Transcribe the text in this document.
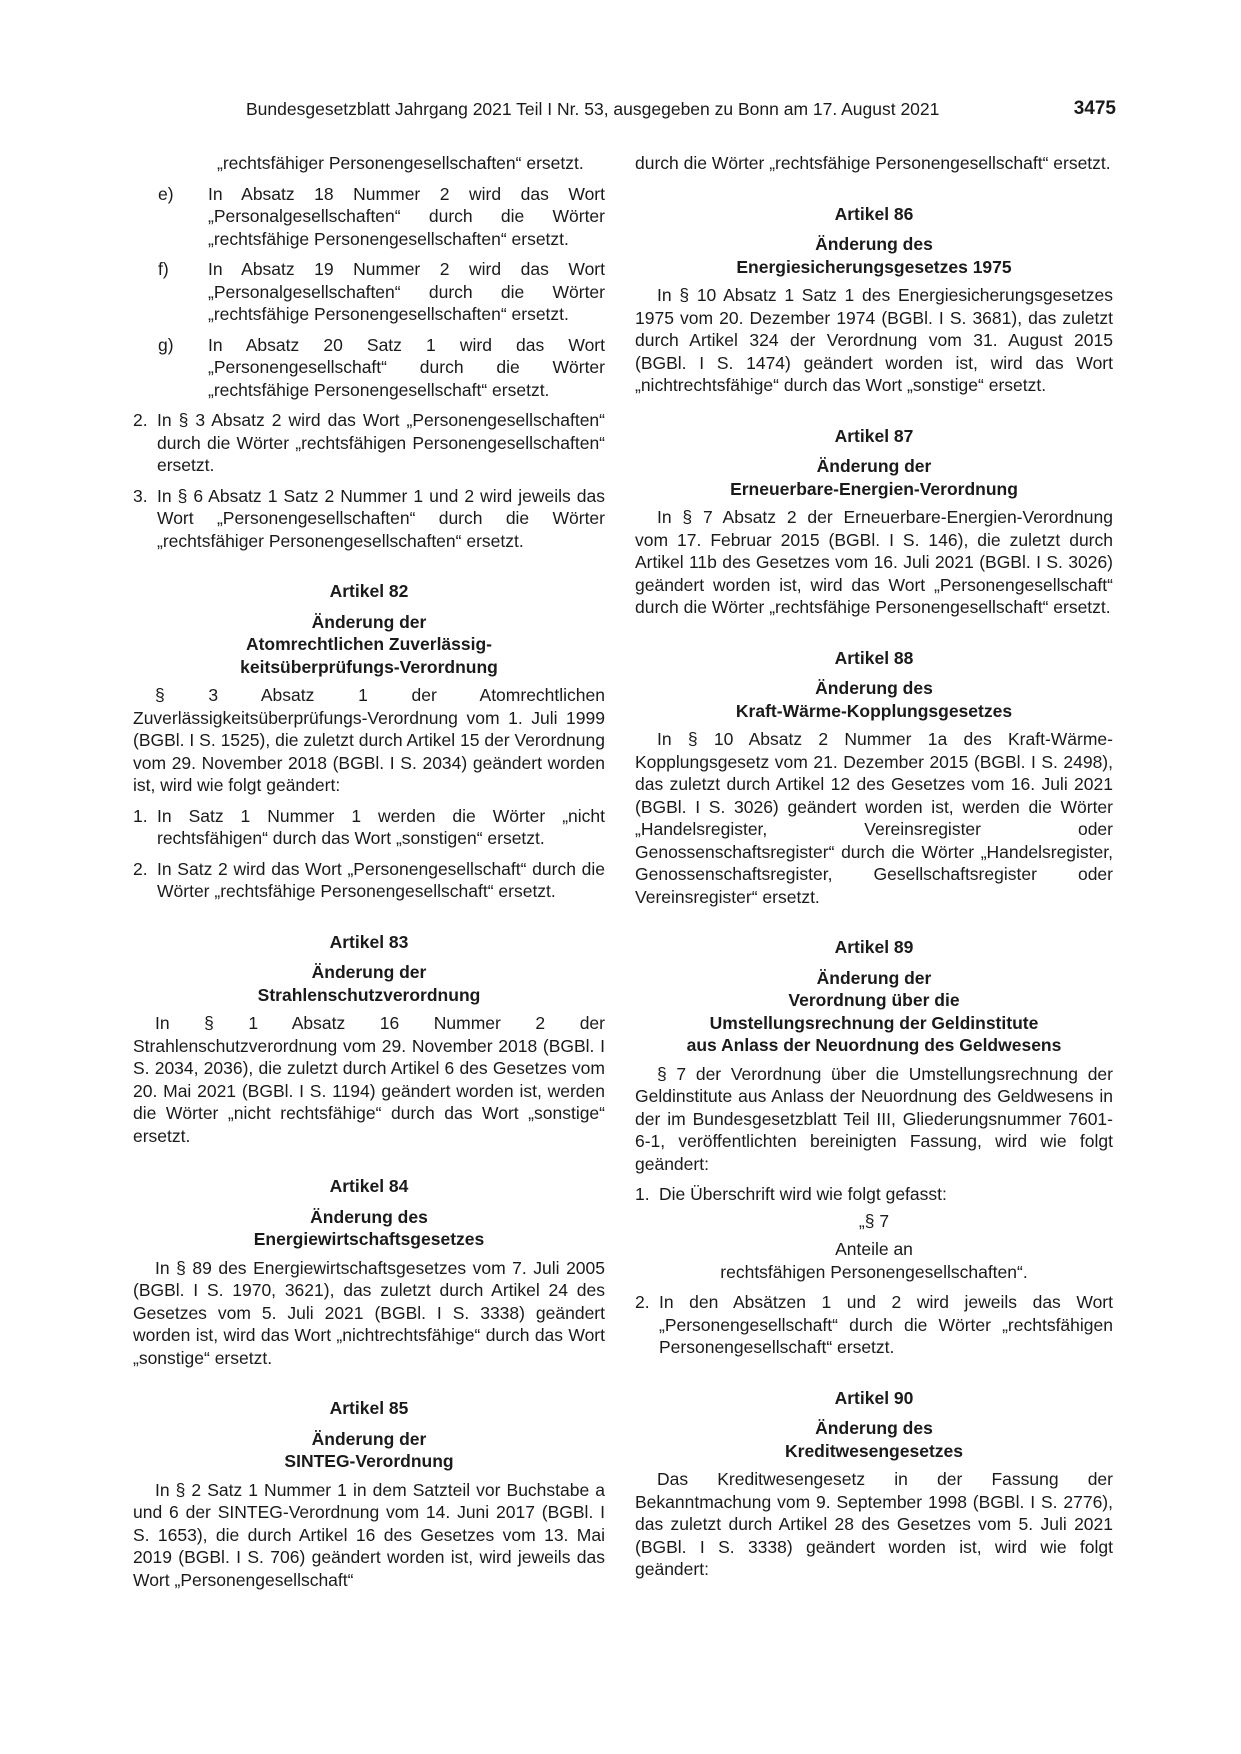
Bundesgesetzblatt Jahrgang 2021 Teil I Nr. 53, ausgegeben zu Bonn am 17. August 2021	3475

„rechtsfähiger Personengesellschaften“ ersetzt.

e) In Absatz 18 Nummer 2 wird das Wort „Personalgesellschaften“ durch die Wörter „rechtsfähige Personengesellschaften“ ersetzt.
f) In Absatz 19 Nummer 2 wird das Wort „Personalgesellschaften“ durch die Wörter „rechtsfähige Personengesellschaften“ ersetzt.
g) In Absatz 20 Satz 1 wird das Wort „Personengesellschaft“ durch die Wörter „rechtsfähige Personengesellschaft“ ersetzt.
2. In § 3 Absatz 2 wird das Wort „Personengesellschaften“ durch die Wörter „rechtsfähigen Personengesellschaften“ ersetzt.
3. In § 6 Absatz 1 Satz 2 Nummer 1 und 2 wird jeweils das Wort „Personengesellschaften“ durch die Wörter „rechtsfähiger Personengesellschaften“ ersetzt.
Artikel 82
Änderung der
Atomrechtlichen Zuverlässig-
keitsüberprüfungs-Verordnung

§ 3 Absatz 1 der Atomrechtlichen Zuverlässigkeitsüberprüfungs-Verordnung vom 1. Juli 1999 (BGBl. I S. 1525), die zuletzt durch Artikel 15 der Verordnung vom 29. November 2018 (BGBl. I S. 2034) geändert worden ist, wird wie folgt geändert:

1. In Satz 1 Nummer 1 werden die Wörter „nicht rechtsfähigen“ durch das Wort „sonstigen“ ersetzt.
2. In Satz 2 wird das Wort „Personengesellschaft“ durch die Wörter „rechtsfähige Personengesellschaft“ ersetzt.
Artikel 83
Änderung der
Strahlenschutzverordnung

In § 1 Absatz 16 Nummer 2 der Strahlenschutzverordnung vom 29. November 2018 (BGBl. I S. 2034, 2036), die zuletzt durch Artikel 6 des Gesetzes vom 20. Mai 2021 (BGBl. I S. 1194) geändert worden ist, werden die Wörter „nicht rechtsfähige“ durch das Wort „sonstige“ ersetzt.

Artikel 84
Änderung des
Energiewirtschaftsgesetzes

In § 89 des Energiewirtschaftsgesetzes vom 7. Juli 2005 (BGBl. I S. 1970, 3621), das zuletzt durch Artikel 24 des Gesetzes vom 5. Juli 2021 (BGBl. I S. 3338) geändert worden ist, wird das Wort „nichtrechtsfähige“ durch das Wort „sonstige“ ersetzt.

Artikel 85
Änderung der
SINTEG-Verordnung

In § 2 Satz 1 Nummer 1 in dem Satzteil vor Buchstabe a und 6 der SINTEG-Verordnung vom 14. Juni 2017 (BGBl. I S. 1653), die durch Artikel 16 des Gesetzes vom 13. Mai 2019 (BGBl. I S. 706) geändert worden ist, wird jeweils das Wort „Personengesellschaft“

durch die Wörter „rechtsfähige Personengesellschaft“ ersetzt.

Artikel 86
Änderung des
Energiesicherungsgesetzes 1975

In § 10 Absatz 1 Satz 1 des Energiesicherungsgesetzes 1975 vom 20. Dezember 1974 (BGBl. I S. 3681), das zuletzt durch Artikel 324 der Verordnung vom 31. August 2015 (BGBl. I S. 1474) geändert worden ist, wird das Wort „nichtrechtsfähige“ durch das Wort „sonstige“ ersetzt.

Artikel 87
Änderung der
Erneuerbare-Energien-Verordnung

In § 7 Absatz 2 der Erneuerbare-Energien-Verordnung vom 17. Februar 2015 (BGBl. I S. 146), die zuletzt durch Artikel 11b des Gesetzes vom 16. Juli 2021 (BGBl. I S. 3026) geändert worden ist, wird das Wort „Personengesellschaft“ durch die Wörter „rechtsfähige Personengesellschaft“ ersetzt.

Artikel 88
Änderung des
Kraft-Wärme-Kopplungsgesetzes

In § 10 Absatz 2 Nummer 1a des Kraft-Wärme-Kopplungsgesetz vom 21. Dezember 2015 (BGBl. I S. 2498), das zuletzt durch Artikel 12 des Gesetzes vom 16. Juli 2021 (BGBl. I S. 3026) geändert worden ist, werden die Wörter „Handelsregister, Vereinsregister oder Genossenschaftsregister“ durch die Wörter „Handelsregister, Genossenschaftsregister, Gesellschaftsregister oder Vereinsregister“ ersetzt.

Artikel 89
Änderung der
Verordnung über die
Umstellungsrechnung der Geldinstitute
aus Anlass der Neuordnung des Geldwesens

§ 7 der Verordnung über die Umstellungsrechnung der Geldinstitute aus Anlass der Neuordnung des Geldwesens in der im Bundesgesetzblatt Teil III, Gliederungsnummer 7601-6-1, veröffentlichten bereinigten Fassung, wird wie folgt geändert:

1. Die Überschrift wird wie folgt gefasst:
„§ 7
Anteile an
rechtsfähigen Personengesellschaften“.
2. In den Absätzen 1 und 2 wird jeweils das Wort „Personengesellschaft“ durch die Wörter „rechtsfähigen Personengesellschaft“ ersetzt.
Artikel 90
Änderung des
Kreditwesengesetzes

Das Kreditwesengesetz in der Fassung der Bekanntmachung vom 9. September 1998 (BGBl. I S. 2776), das zuletzt durch Artikel 28 des Gesetzes vom 5. Juli 2021 (BGBl. I S. 3338) geändert worden ist, wird wie folgt geändert:
